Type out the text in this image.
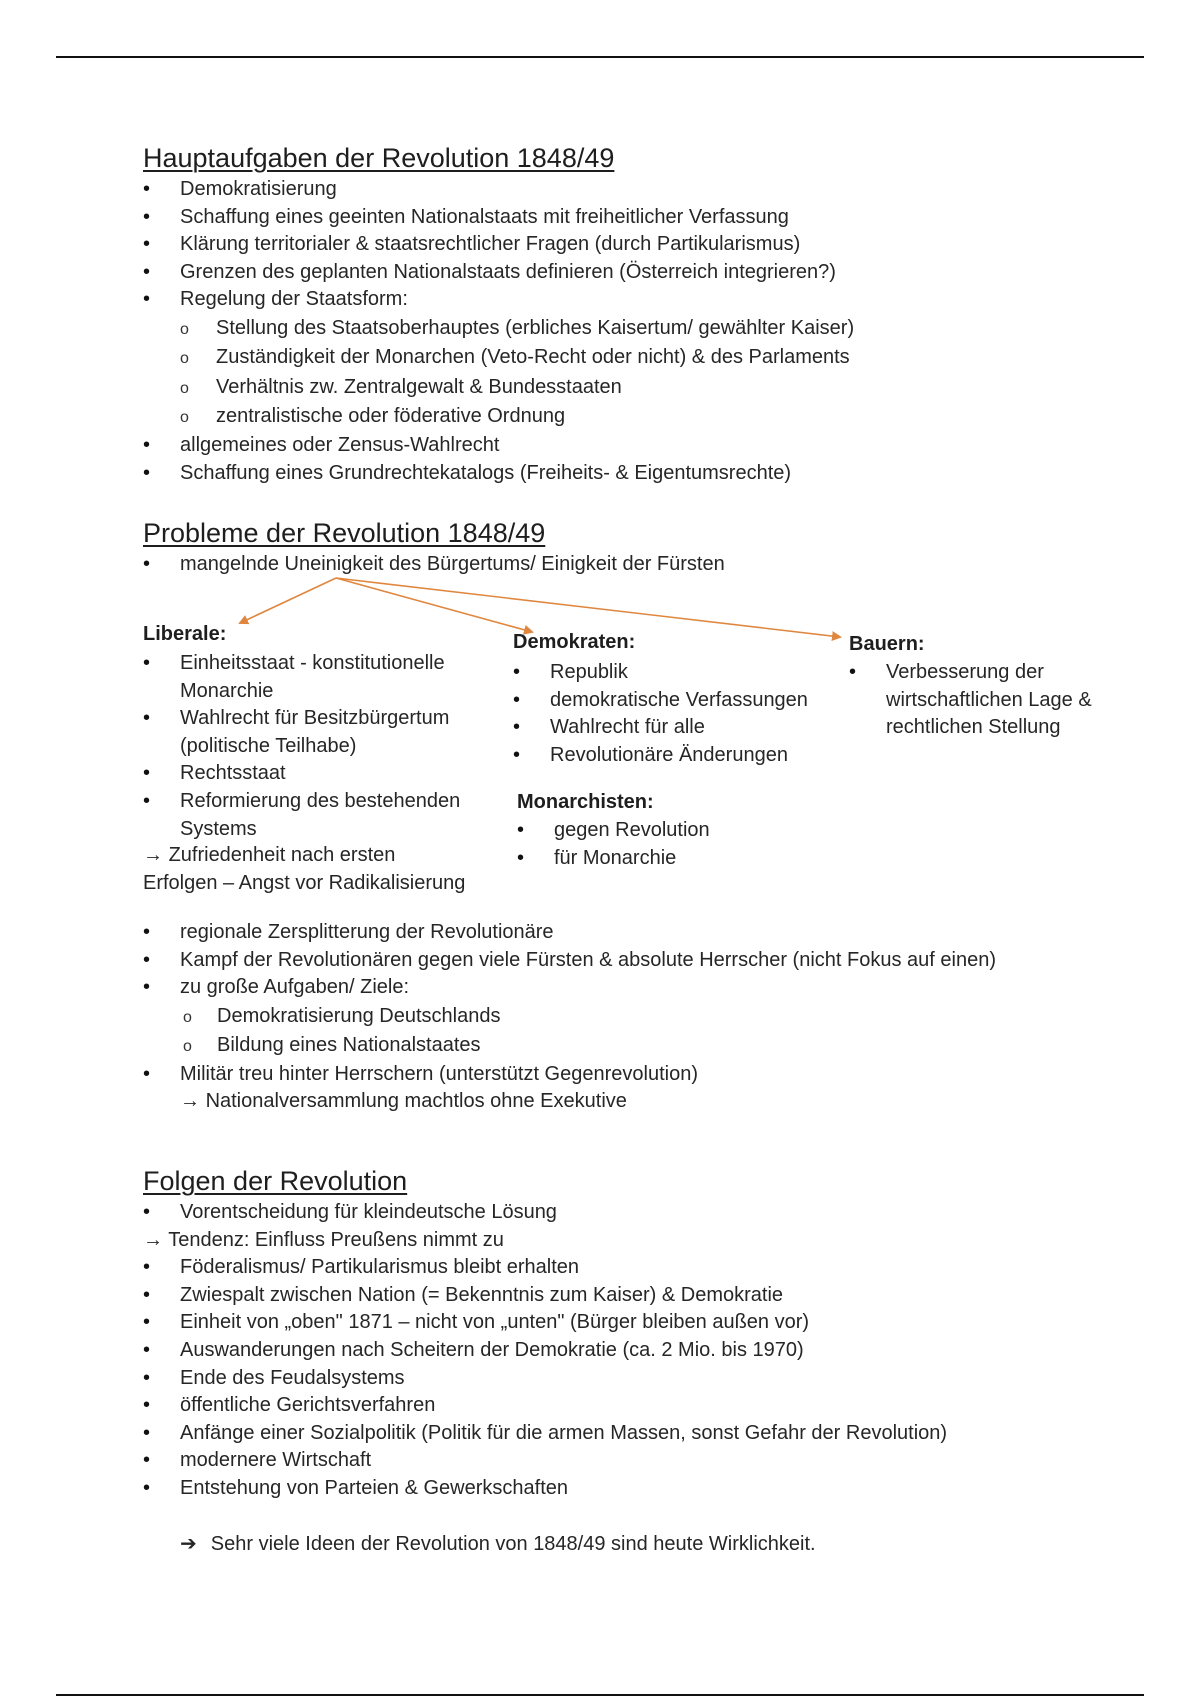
Hauptaufgaben der Revolution 1848/49
• Demokratisierung
• Schaffung eines geeinten Nationalstaats mit freiheitlicher Verfassung
• Klärung territorialer & staatsrechtlicher Fragen (durch Partikularismus)
• Grenzen des geplanten Nationalstaats definieren (Österreich integrieren?)
• Regelung der Staatsform:
o Stellung des Staatsoberhauptes (erbliches Kaisertum/ gewählter Kaiser)
o Zuständigkeit der Monarchen (Veto-Recht oder nicht) & des Parlaments
o Verhältnis zw. Zentralgewalt & Bundesstaaten
o zentralistische oder föderative Ordnung
• allgemeines oder Zensus-Wahlrecht
• Schaffung eines Grundrechtekatalogs (Freiheits- & Eigentumsrechte)
Probleme der Revolution 1848/49
• mangelnde Uneinigkeit des Bürgertums/ Einigkeit der Fürsten
Liberale:
• Einheitsstaat - konstitutionelle Monarchie
• Wahlrecht für Besitzbürgertum (politische Teilhabe)
• Rechtsstaat
• Reformierung des bestehenden Systems
→ Zufriedenheit nach ersten
Erfolgen – Angst vor Radikalisierung
Demokraten:
• Republik
• demokratische Verfassungen
• Wahlrecht für alle
• Revolutionäre Änderungen
Monarchisten:
• gegen Revolution
• für Monarchie
Bauern:
• Verbesserung der wirtschaftlichen Lage & rechtlichen Stellung
• regionale Zersplitterung der Revolutionäre
• Kampf der Revolutionären gegen viele Fürsten & absolute Herrscher (nicht Fokus auf einen)
• zu große Aufgaben/ Ziele:
o Demokratisierung Deutschlands
o Bildung eines Nationalstaates
• Militär treu hinter Herrschern (unterstützt Gegenrevolution)
→ Nationalversammlung machtlos ohne Exekutive
Folgen der Revolution
• Vorentscheidung für kleindeutsche Lösung
→ Tendenz: Einfluss Preußens nimmt zu
• Föderalismus/ Partikularismus bleibt erhalten
• Zwiespalt zwischen Nation (= Bekenntnis zum Kaiser) & Demokratie
• Einheit von „oben" 1871 – nicht von „unten" (Bürger bleiben außen vor)
• Auswanderungen nach Scheitern der Demokratie (ca. 2 Mio. bis 1970)
• Ende des Feudalsystems
• öffentliche Gerichtsverfahren
• Anfänge einer Sozialpolitik (Politik für die armen Massen, sonst Gefahr der Revolution)
• modernere Wirtschaft
• Entstehung von Parteien & Gewerkschaften
➔ Sehr viele Ideen der Revolution von 1848/49 sind heute Wirklichkeit.
